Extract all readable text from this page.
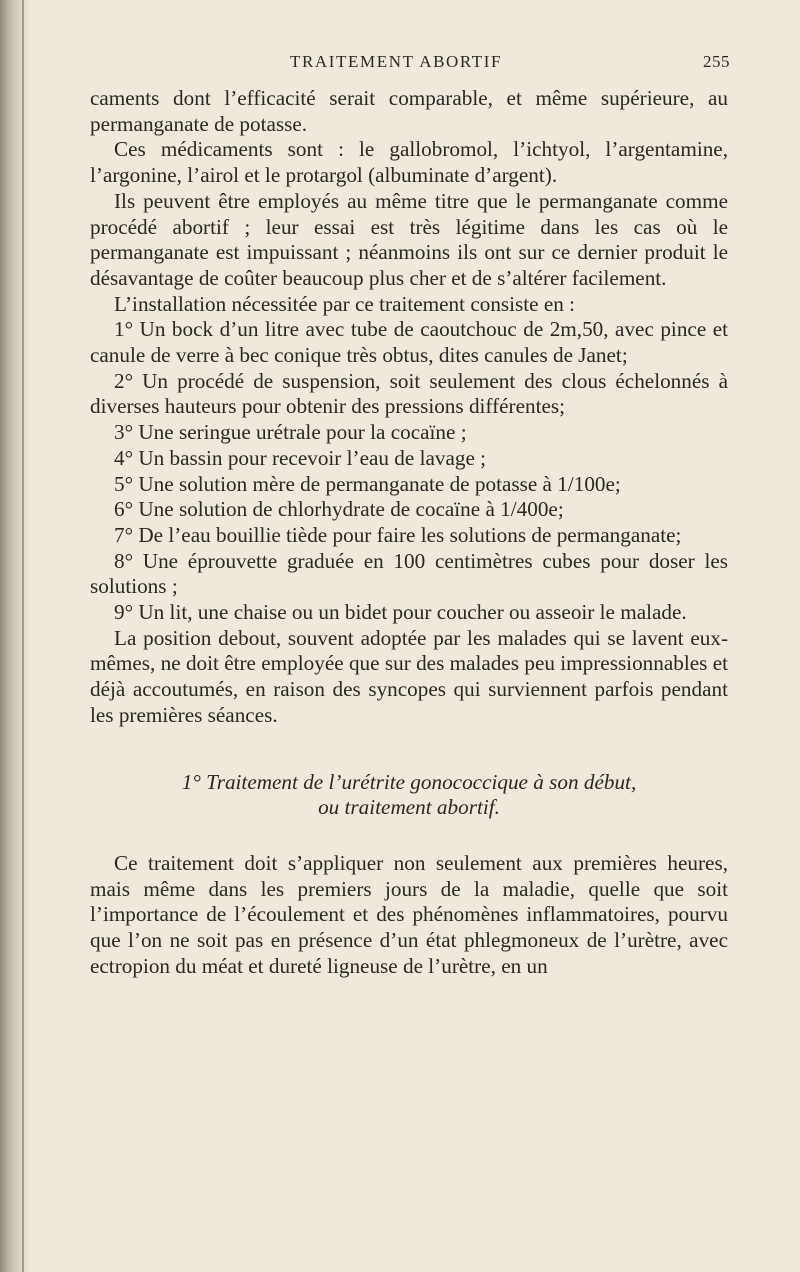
TRAITEMENT ABORTIF	255

caments dont l’efficacité serait comparable, et même supérieure, au permanganate de potasse.

Ces médicaments sont : le gallobromol, l’ichtyol, l’argentamine, l’argonine, l’airol et le protargol (albuminate d’argent).

Ils peuvent être employés au même titre que le permanganate comme procédé abortif ; leur essai est très légitime dans les cas où le permanganate est impuissant ; néanmoins ils ont sur ce dernier produit le désavantage de coûter beaucoup plus cher et de s’altérer facilement.

L’installation nécessitée par ce traitement consiste en :

1° Un bock d’un litre avec tube de caoutchouc de 2m,50, avec pince et canule de verre à bec conique très obtus, dites canules de Janet;

2° Un procédé de suspension, soit seulement des clous échelonnés à diverses hauteurs pour obtenir des pressions différentes;

3° Une seringue urétrale pour la cocaïne ;

4° Un bassin pour recevoir l’eau de lavage ;

5° Une solution mère de permanganate de potasse à 1/100e;

6° Une solution de chlorhydrate de cocaïne à 1/400e;

7° De l’eau bouillie tiède pour faire les solutions de permanganate;

8° Une éprouvette graduée en 100 centimètres cubes pour doser les solutions ;

9° Un lit, une chaise ou un bidet pour coucher ou asseoir le malade.

La position debout, souvent adoptée par les malades qui se lavent eux-mêmes, ne doit être employée que sur des malades peu impressionnables et déjà accoutumés, en raison des syncopes qui surviennent parfois pendant les premières séances.

1° Traitement de l’urétrite gonococcique à son début,
ou traitement abortif.

Ce traitement doit s’appliquer non seulement aux premières heures, mais même dans les premiers jours de la maladie, quelle que soit l’importance de l’écoulement et des phénomènes inflammatoires, pourvu que l’on ne soit pas en présence d’un état phlegmoneux de l’urètre, avec ectropion du méat et dureté ligneuse de l’urètre, en un
